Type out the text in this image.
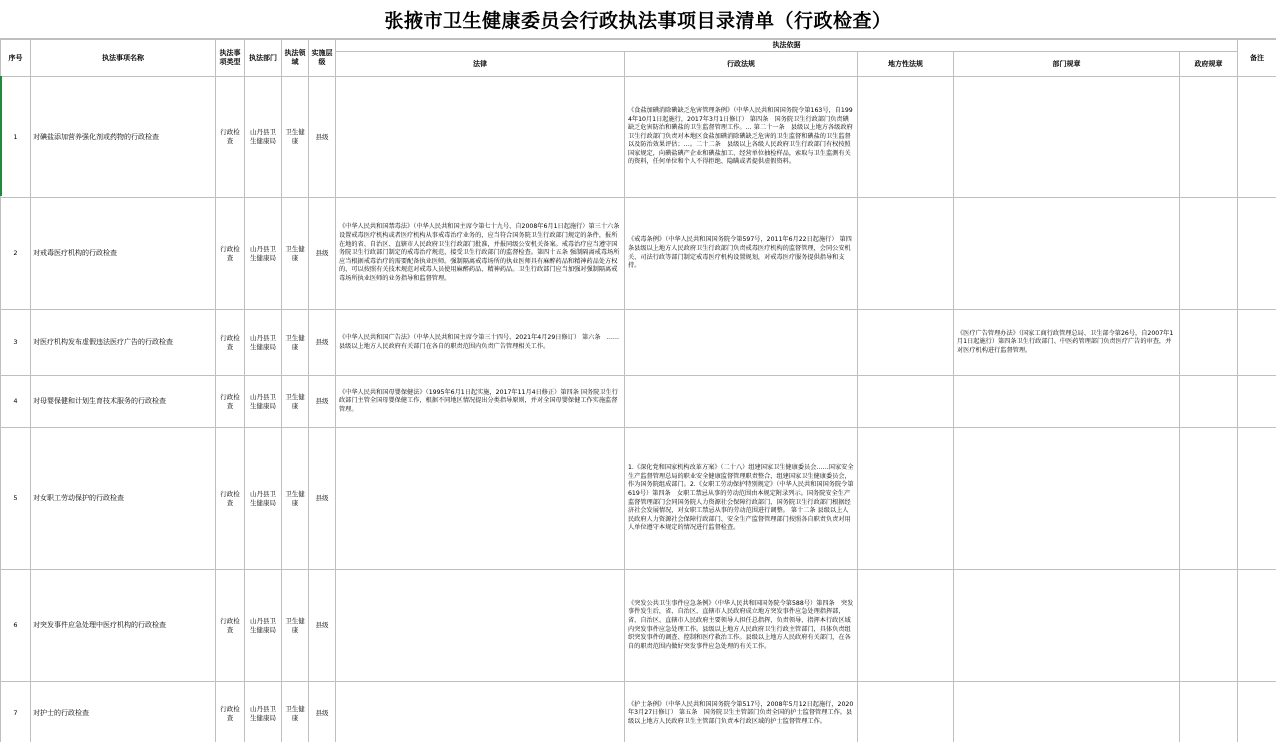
张掖市卫生健康委员会行政执法事项目录清单（行政检查）
序号	执法事项名称	执法事项类型	执法部门	执法领域	实施层级	执法依据					备注
						法律	行政法规	地方性法规	部门规章	政府规章	
1	对碘盐添加营养强化剂或药物的行政检查	行政检查	山丹县卫生健康局	卫生健康	县级		《食盐加碘消除碘缺乏危害管理条例》（中华人民共和国国务院令第163号，自1994年10月1日起施行，2017年3月1日修订） 第四条　国务院卫生行政部门负责碘缺乏危害防治和碘盐的卫生监督管理工作。… 第二十一条　县级以上地方各级政府卫生行政部门负责对本地区食盐加碘消除碘缺乏危害的卫生监督和碘盐的卫生监督以及防治效果评估；…。二十二条　县级以上各级人民政府卫生行政部门有权按照国家规定，向碘盐碘产企业和碘盐加工、经营单位抽检样品，索取与卫生监测有关的资料，任何单位和个人不得拒绝、隐瞒或者提供虚假资料。				
2	对戒毒医疗机构的行政检查	行政检查	山丹县卫生健康局	卫生健康	县级	《中华人民共和国禁毒法》（中华人民共和国主席令第七十九号，自2008年6月1日起施行）第三十六条 设置戒毒医疗机构或者医疗机构从事戒毒治疗业务的，应当符合国务院卫生行政部门规定的条件，报所在地的省、自治区、直辖市人民政府卫生行政部门批准，并报同级公安机关备案。戒毒治疗应当遵守国务院卫生行政部门制定的戒毒治疗规范，接受卫生行政部门的监督检查。第四十五条 强制隔离戒毒场所应当根据戒毒治疗的需要配备执业医师。强制隔离戒毒场所的执业医师具有麻醉药品和精神药品处方权的，可以按照有关技术规范对戒毒人员使用麻醉药品、精神药品。卫生行政部门应当加强对强制隔离戒毒场所执业医师的业务指导和监督管理。	《戒毒条例》（中华人民共和国国务院令第597号，2011年6月22日起施行） 第四条县级以上地方人民政府卫生行政部门负责戒毒医疗机构的监督管理，会同公安机关、司法行政等部门制定戒毒医疗机构设置规划，对戒毒医疗服务提供指导和支持。				
3	对医疗机构发布虚假违法医疗广告的行政检查	行政检查	山丹县卫生健康局	卫生健康	县级	《中华人民共和国广告法》（中华人民共和国主席令第三十四号，2021年4月29日修订） 第六条　……县级以上地方人民政府有关部门在各自的职责范围内负责广告管理相关工作。			《医疗广告管理办法》（国家工商行政管理总局、卫生部令第26号，自2007年1月1日起施行）第四条卫生行政部门、中医药管理部门负责医疗广告的审查，并对医疗机构进行监督管理。		
4	对母婴保健和计划生育技术服务的行政检查	行政检查	山丹县卫生健康局	卫生健康	县级	《中华人民共和国母婴保健法》（1995年6月1日起实施，2017年11月4日修正）第四条 国务院卫生行政部门主管全国母婴保健工作，根据不同地区情况提出分类指导原则，并对全国母婴保健工作实施监督管理。					
5	对女职工劳动保护的行政检查	行政检查	山丹县卫生健康局	卫生健康	县级		1.《深化党和国家机构改革方案》（二十八）组建国家卫生健康委员会……国家安全生产监督管理总局的职业安全健康监督管理职责整合，组建国家卫生健康委员会，作为国务院组成部门。2.《女职工劳动保护特别规定》（中华人民共和国国务院令第619号）第四条　女职工禁忌从事的劳动范围由本规定附录列示。国务院安全生产监督管理部门会同国务院人力资源社会保障行政部门、国务院卫生行政部门根据经济社会发展情况，对女职工禁忌从事的劳动范围进行调整。 第十二条 县级以上人民政府人力资源社会保障行政部门、安全生产监督管理部门按照各自职责负责对用人单位遵守本规定的情况进行监督检查。				
6	对突发事件应急处理中医疗机构的行政检查	行政检查	山丹县卫生健康局	卫生健康	县级		《突发公共卫生事件应急条例》（中华人民共和国国务院令第588号）第四条　突发事件发生后，省、自治区、直辖市人民政府成立地方突发事件应急处理指挥部，省、自治区、直辖市人民政府主要领导人担任总指挥，负责领导、指挥本行政区域内突发事件应急处理工作。县级以上地方人民政府卫生行政主管部门，具体负责组织突发事件的调查、控制和医疗救治工作。县级以上地方人民政府有关部门，在各自的职责范围内做好突发事件应急处理的有关工作。				
7	对护士的行政检查	行政检查	山丹县卫生健康局	卫生健康	县级		《护士条例》（中华人民共和国国务院令第517号，2008年5月12日起施行，2020年3月27日修订） 第五条　国务院卫生主管部门负责全国的护士监督管理工作。县级以上地方人民政府卫生主管部门负责本行政区域的护士监督管理工作。				
